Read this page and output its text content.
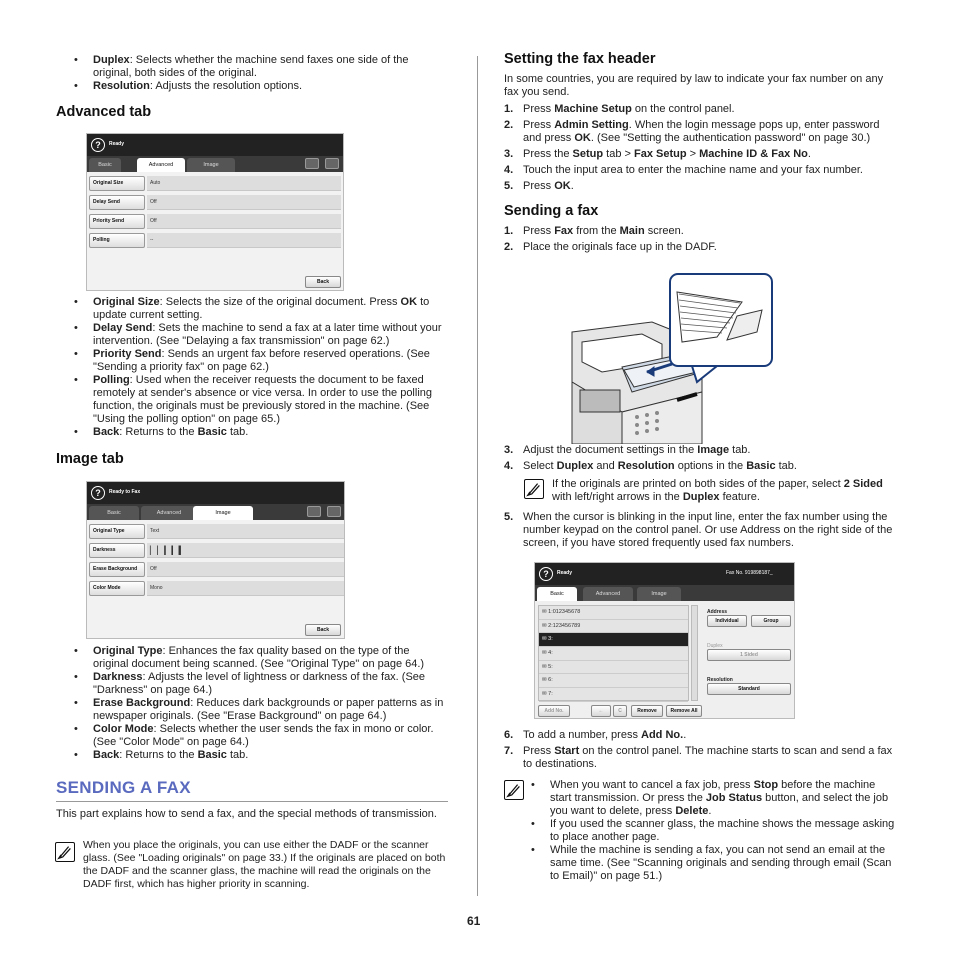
• Duplex: Selects whether the machine send faxes one side of the original, both sides of the original.
• Resolution: Adjusts the resolution options.
Advanced tab
?	Ready
Basic	Advanced	Image
Back
Original Size	Auto
Delay Send	Off
Priority Send	Off
Polling	--
• Original Size: Selects the size of the original document. Press OK to update current setting.
• Delay Send: Sets the machine to send a fax at a later time without your intervention. (See "Delaying a fax transmission" on page 62.)
• Priority Send: Sends an urgent fax before reserved operations. (See "Sending a priority fax" on page 62.)
• Polling: Used when the receiver requests the document to be faxed remotely at sender's absence or vice versa. In order to use the polling function, the originals must be previously stored in the machine. (See "Using the polling option" on page 65.)
• Back: Returns to the Basic tab.
Image tab
?	Ready to Fax
Basic	Advanced	Image
Back
Original Type	Text
Darkness	▏▏▎▎▍
Erase Background	Off
Color Mode	Mono
• Original Type: Enhances the fax quality based on the type of the original document being scanned. (See "Original Type" on page 64.)
• Darkness: Adjusts the level of lightness or darkness of the fax. (See "Darkness" on page 64.)
• Erase Background: Reduces dark backgrounds or paper patterns as in newspaper originals. (See "Erase Background" on page 64.)
• Color Mode: Selects whether the user sends the fax in mono or color. (See "Color Mode" on page 64.)
• Back: Returns to the Basic tab.
SENDING A FAX
This part explains how to send a fax, and the special methods of transmission.
When you place the originals, you can use either the DADF or the scanner glass. (See "Loading originals" on page 33.) If the originals are placed on both the DADF and the scanner glass, the machine will read the originals on the DADF first, which has higher priority in scanning.
Setting the fax header
In some countries, you are required by law to indicate your fax number on any fax you send.
1. Press Machine Setup on the control panel.
2. Press Admin Setting. When the login message pops up, enter password and press OK. (See "Setting the authentication password" on page 30.)
3. Press the Setup tab > Fax Setup > Machine ID & Fax No.
4. Touch the input area to enter the machine name and your fax number.
5. Press OK.
Sending a fax
1. Press Fax from the Main screen.
2. Place the originals face up in the DADF.
3. Adjust the document settings in the Image tab.
4. Select Duplex and Resolution options in the Basic tab.
If the originals are printed on both sides of the paper, select 2 Sided with left/right arrows in the Duplex feature.
5. When the cursor is blinking in the input line, enter the fax number using the number keypad on the control panel. Or use Address on the right side of the screen, if you have stored frequently used fax numbers.
?	Ready	Fax No. 919898187_
Basic	Advanced	Image
✉ 1:012345678
✉ 2:123456789
✉ 3:
✉ 4:
✉ 5:
✉ 6:
✉ 7:
Address
Individual	Group
Duplex
1 Sided
Resolution
Standard
Add No.	←	C	Remove	Remove All
6. To add a number, press Add No..
7. Press Start on the control panel. The machine starts to scan and send a fax to destinations.
• When you want to cancel a fax job, press Stop before the machine start transmission. Or press the Job Status button, and select the job you want to delete, press Delete.
• If you used the scanner glass, the machine shows the message asking to place another page.
• While the machine is sending a fax, you can not send an email at the same time. (See "Scanning originals and sending through email (Scan to Email)" on page 51.)
61
